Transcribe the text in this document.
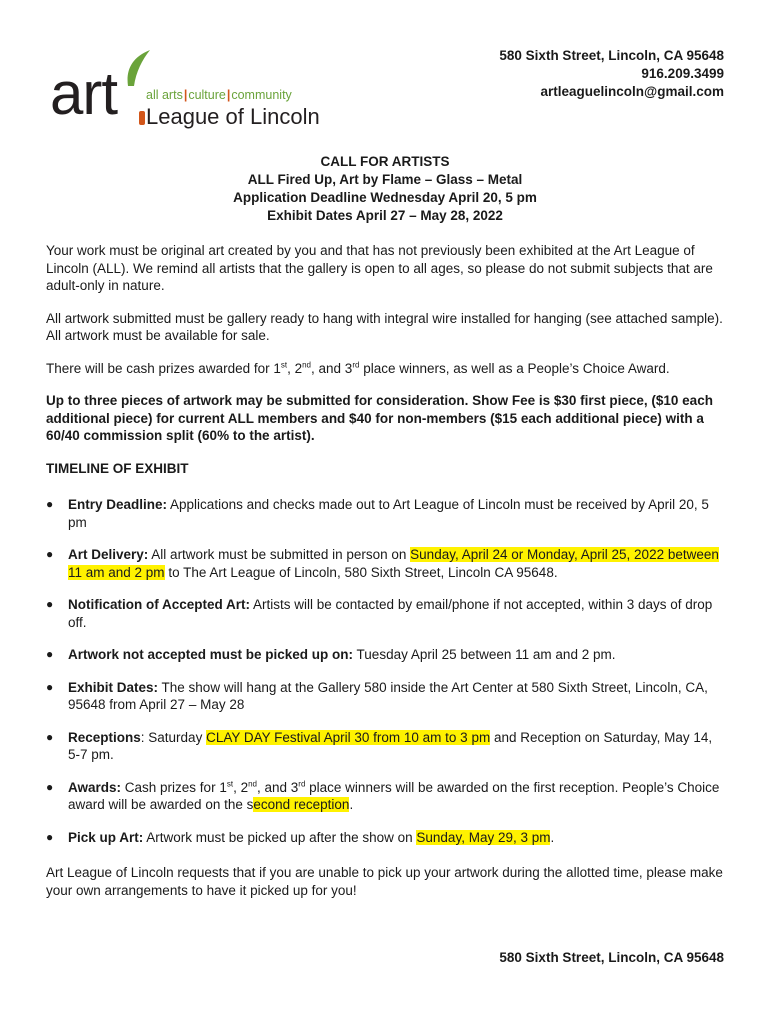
art all arts|culture|community
League of Lincoln
580 Sixth Street, Lincoln, CA 95648
916.209.3499
artleaguelincoln@gmail.com
CALL FOR ARTISTS
ALL Fired Up, Art by Flame – Glass – Metal
Application Deadline Wednesday April 20, 5 pm
Exhibit Dates April 27 – May 28, 2022

Your work must be original art created by you and that has not previously been exhibited at the Art League of Lincoln (ALL). We remind all artists that the gallery is open to all ages, so please do not submit subjects that are adult-only in nature.

All artwork submitted must be gallery ready to hang with integral wire installed for hanging (see attached sample). All artwork must be available for sale.

There will be cash prizes awarded for 1st, 2nd, and 3rd place winners, as well as a People’s Choice Award.

Up to three pieces of artwork may be submitted for consideration. Show Fee is $30 first piece, ($10 each additional piece) for current ALL members and $40 for non-members ($15 each additional piece) with a 60/40 commission split (60% to the artist).

TIMELINE OF EXHIBIT
● Entry Deadline: Applications and checks made out to Art League of Lincoln must be received by April 20, 5 pm
● Art Delivery: All artwork must be submitted in person on Sunday, April 24 or Monday, April 25, 2022 between 11 am and 2 pm to The Art League of Lincoln, 580 Sixth Street, Lincoln CA 95648.
● Notification of Accepted Art: Artists will be contacted by email/phone if not accepted, within 3 days of drop off.
● Artwork not accepted must be picked up on: Tuesday April 25 between 11 am and 2 pm.
● Exhibit Dates: The show will hang at the Gallery 580 inside the Art Center at 580 Sixth Street, Lincoln, CA, 95648 from April 27 – May 28
● Receptions: Saturday CLAY DAY Festival April 30 from 10 am to 3 pm and Reception on Saturday, May 14, 5-7 pm.
● Awards: Cash prizes for 1st, 2nd, and 3rd place winners will be awarded on the first reception. People’s Choice award will be awarded on the second reception.
● Pick up Art: Artwork must be picked up after the show on Sunday, May 29, 3 pm.

Art League of Lincoln requests that if you are unable to pick up your artwork during the allotted time, please make your own arrangements to have it picked up for you!

580 Sixth Street, Lincoln, CA 95648
